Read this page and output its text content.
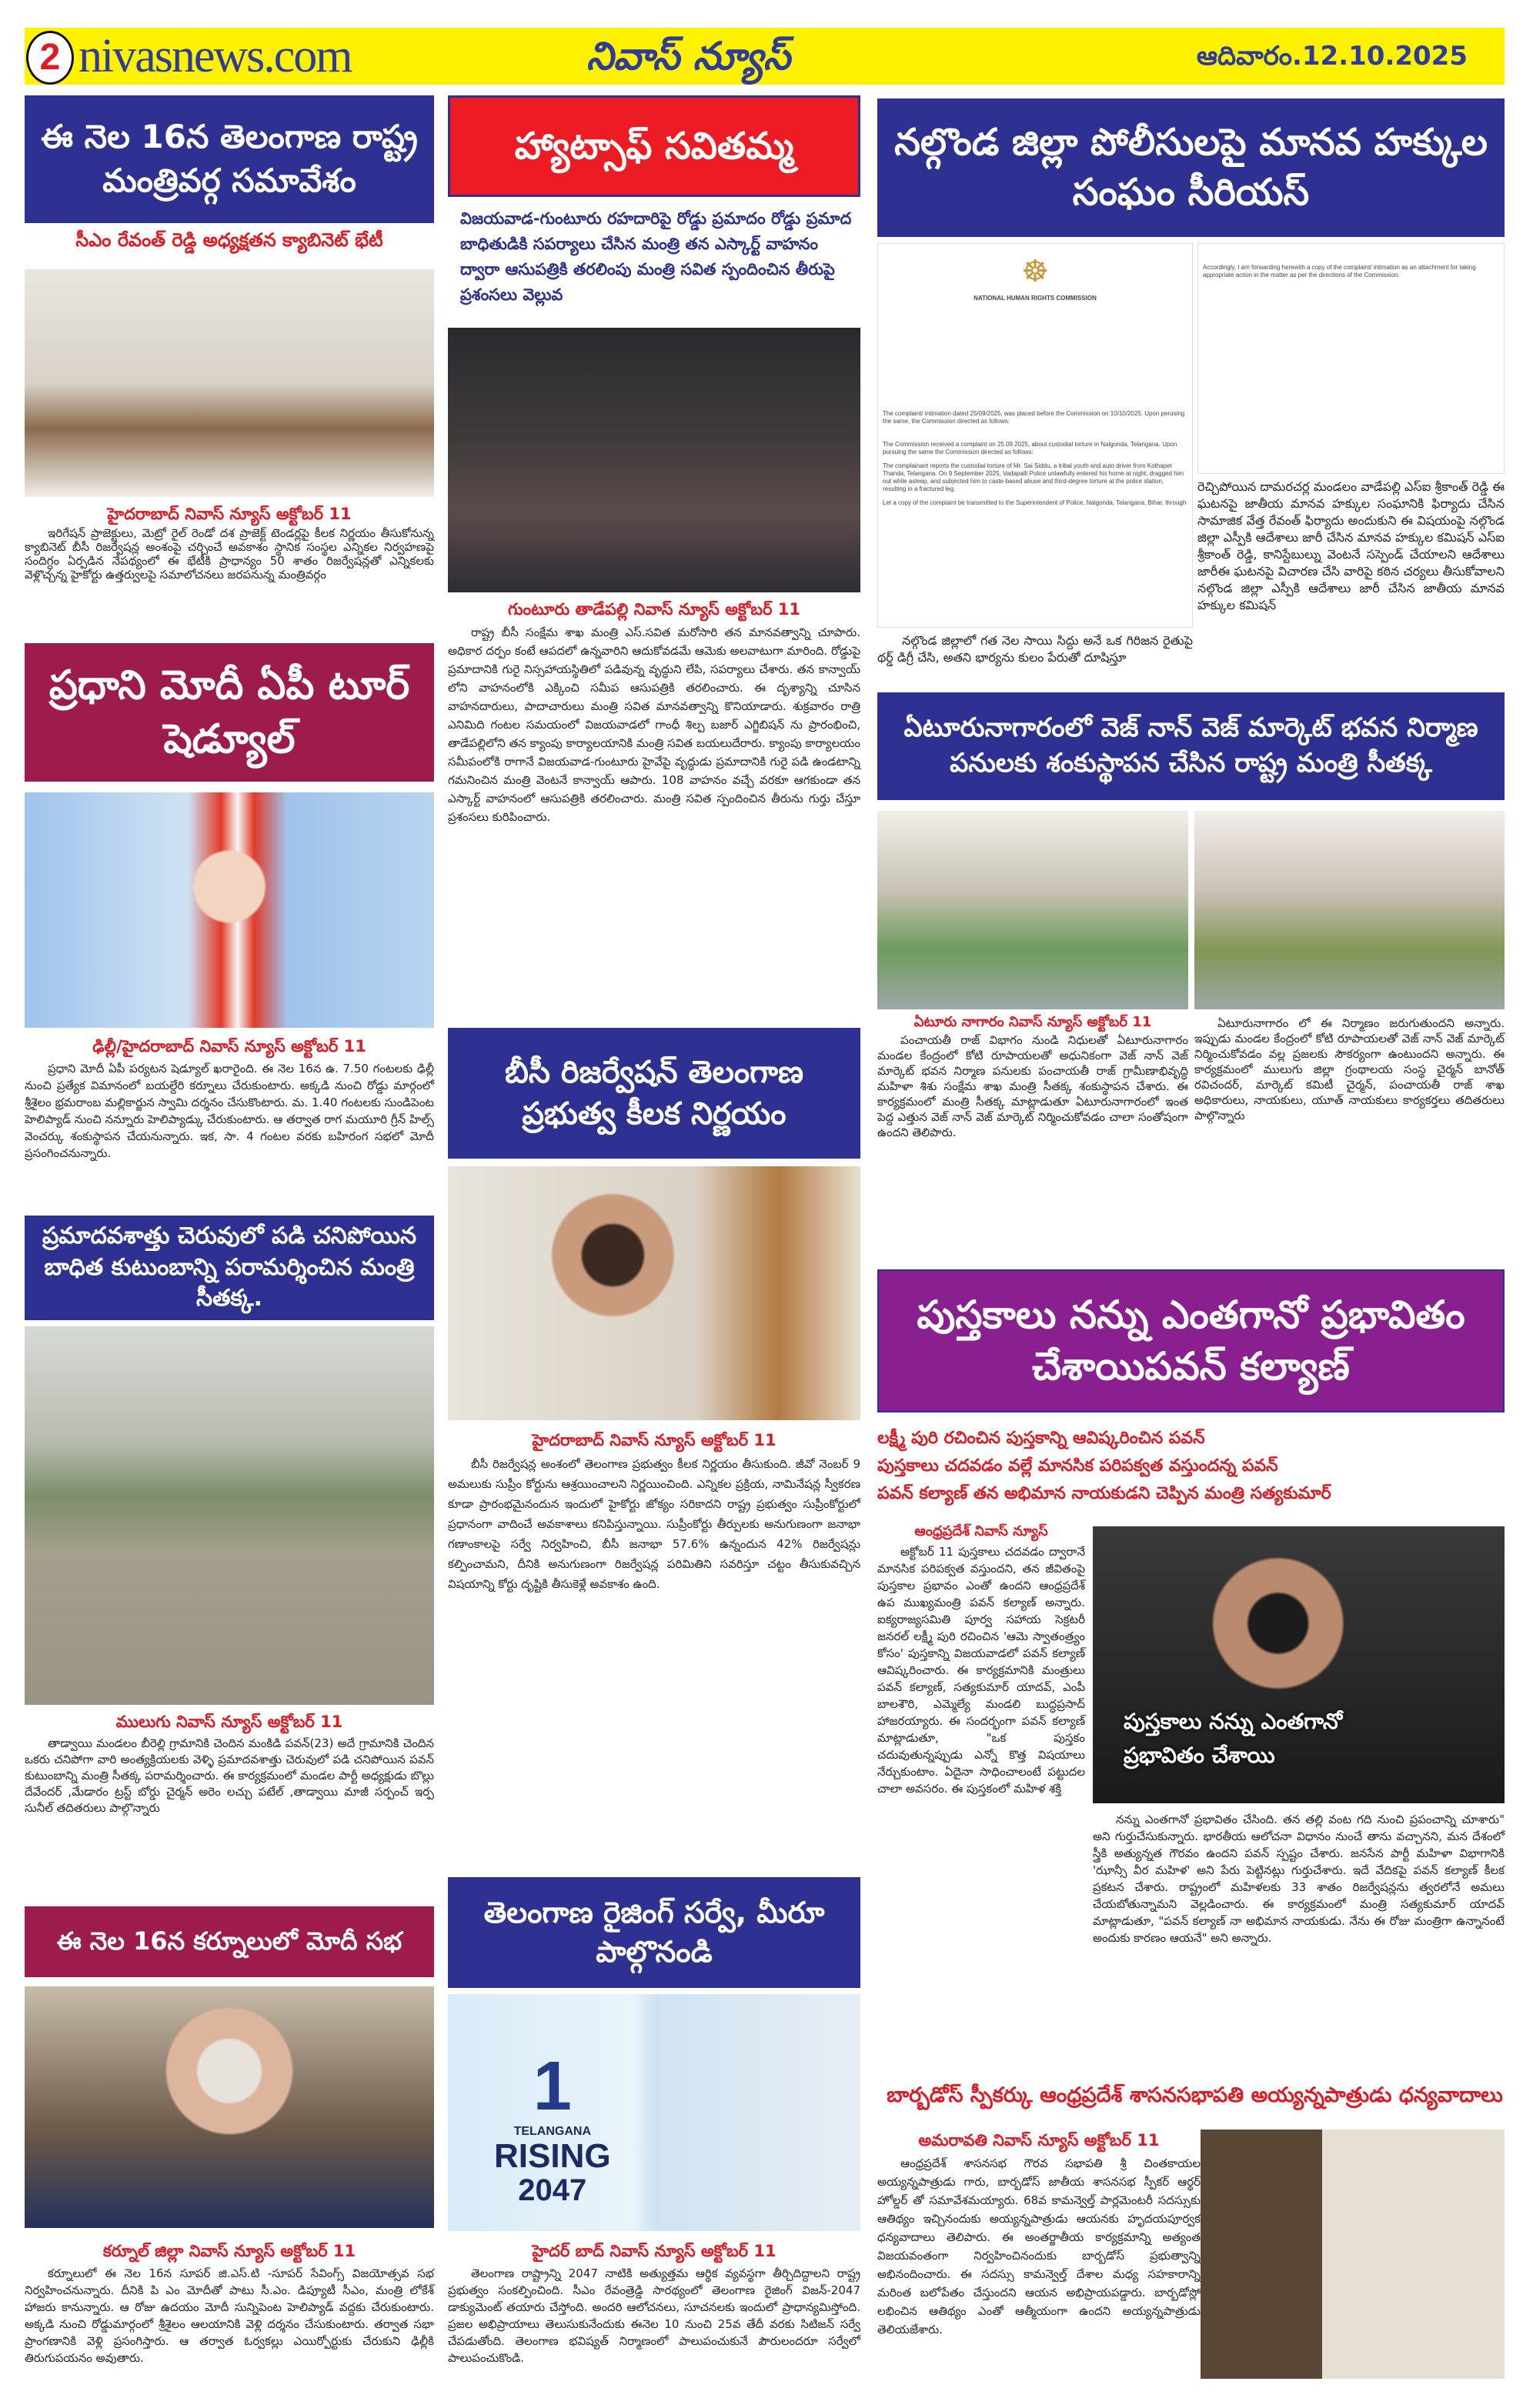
2 nivasnews.com	నివాస్ న్యూస్	ఆదివారం.12.10.2025
ఈ నెల 16న తెలంగాణ రాష్ట్ర మంత్రివర్గ సమావేశం
సీఎం రేవంత్ రెడ్డి అధ్యక్షతన క్యాబినెట్ భేటీ
హైదరాబాద్ నివాస్ న్యూస్ అక్టోబర్ 11
ఇరిగేషన్ ప్రాజెక్టులు, మెట్రో రైల్ రెండో దశ ప్రాజెక్ట్ టెండర్లపై కీలక నిర్ణయం తీసుకోనున్న క్యాబినెట్ బీసీ రిజర్వేషన్ల అంశంపై చర్చించే అవకాశం స్థానిక సంస్థల ఎన్నికల నిర్వహణపై సందిగ్ధం ఏర్పడిన నేపథ్యంలో ఈ భేటీకి ప్రాధాన్యం 50 శాతం రిజర్వేషన్లతో ఎన్నికలకు వెళ్లొచ్చన్న హైకోర్టు ఉత్తర్వులపై సమాలోచనలు జరపనున్న మంత్రివర్గం
ప్రధాని మోదీ ఏపీ టూర్ షెడ్యూల్
ఢిల్లీ/హైదరాబాద్ నివాస్ న్యూస్ అక్టోబర్ 11
ప్రధాని మోదీ ఏపీ పర్యటన షెడ్యూల్ ఖరారైంది. ఈ నెల 16న ఉ. 7.50 గంటలకు ఢిల్లీ నుంచి ప్రత్యేక విమానంలో బయల్దేరి కర్నూలు చేరుకుంటారు. అక్కడి నుంచి రోడ్డు మార్గంలో శ్రీశైలం భ్రమరాంబ మల్లికార్జున స్వామి దర్శనం చేసుకొంటారు. మ. 1.40 గంటలకు సుండిపెంట హెలిప్యాడ్ నుంచి నన్నూరు హెలిప్యాడ్కు చేరుకుంటారు. ఆ తర్వాత రాగ మయూరి గ్రీన్ హిల్స్ వెంచర్కు శంకుస్థాపన చేయనున్నారు. ఇక, సా. 4 గంటల వరకు బహిరంగ సభలో మోదీ ప్రసంగించనున్నారు.
ప్రమాదవశాత్తు చెరువులో పడి చనిపోయిన బాధిత కుటుంబాన్ని పరామర్శించిన మంత్రి సీతక్క.
ములుగు నివాస్ న్యూస్ అక్టోబర్ 11
తాడ్వాయి మండలం బీరెల్లి గ్రామానికి చెందిన మంకిడి పవన్(23) అదే గ్రామానికి చెందిన ఒకరు చనిపోగా వారి అంత్యక్రియలకు వెళ్ళి ప్రమాదవశాత్తు చెరువులో పడి చనిపోయిన పవన్ కుటుంబాన్ని మంత్రి సీతక్క పరామర్శించారు. ఈ కార్యక్రమంలో మండల పార్టీ అధ్యక్షుడు బొల్లు దేవేందర్ ,మేడారం ట్రస్ట్ బోర్డు చైర్మన్ అరెం లచ్చు పటేల్ ,తాడ్వాయి మాజీ సర్పంచ్ ఇర్ప సునీల్ తదితరులు పాల్గొన్నారు
ఈ నెల 16న కర్నూలులో మోదీ సభ
కర్నూల్ జిల్లా నివాస్ న్యూస్ అక్టోబర్ 11
కర్నూలులో ఈ నెల 16న సూపర్ జి.ఎస్.టి -సూపర్ సేవింగ్స్ విజయోత్సవ సభ నిర్వహించనున్నారు. దీనికి పి ఎం మోదీతో పాటు సీ.ఎం. డిప్యూటీ సీఎం, మంత్రి లోకేశ్ హాజరు కానున్నారు. ఆ రోజు ఉదయం మోదీ సున్నిపెంట హెలిప్యాడ్ వద్దకు చేరుకుంటారు. అక్కడి నుంచి రోడ్డుమార్గంలో శ్రీశైలం ఆలయానికి వెళ్లి దర్శనం చేసుకుంటారు. తర్వాత సభా ప్రాంగణానికి వెళ్లి ప్రసంగిస్తారు. ఆ తర్వాత ఓర్వకల్లు ఎయిర్పోర్టుకు చేరుకుని ఢిల్లీకి తిరుగుపయనం అవుతారు.
హ్యాట్సాఫ్ సవితమ్మ
విజయవాడ-గుంటూరు రహదారిపై రోడ్డు ప్రమాదం రోడ్డు ప్రమాద బాధితుడికి సపర్యాలు చేసిన మంత్రి తన ఎస్కార్ట్ వాహనం ద్వారా ఆసుపత్రికి తరలింపు మంత్రి సవిత స్పందించిన తీరుపై ప్రశంసలు వెల్లువ
గుంటూరు తాడేపల్లి నివాస్ న్యూస్ అక్టోబర్ 11
రాష్ట్ర బీసీ సంక్షేమ శాఖ మంత్రి ఎస్.సవిత మరోసారి తన మానవత్వాన్ని చూపారు. అధికార దర్పం కంటే ఆపదలో ఉన్నవారిని ఆదుకోవడమే ఆమెకు అలవాటుగా మారింది. రోడ్డుపై ప్రమాదానికి గురై నిస్సహాయస్థితిలో పడివున్న వృద్ధుని లేపి, సపర్యాలు చేశారు. తన కాన్వాయ్ లోని వాహనంలోకి ఎక్కించి సమీప ఆసుపత్రికి తరలించారు. ఈ దృశ్యాన్ని చూసిన వాహనదారులు, పాదాచారులు మంత్రి సవిత మానవత్వాన్ని కొనియాడారు. శుక్రవారం రాత్రి ఎనిమిది గంటల సమయంలో విజయవాడలో గాంధీ శిల్ప బజార్ ఎగ్జిబిషన్ ను ప్రారంభించి, తాడేపల్లిలోని తన క్యాంపు కార్యాలయానికి మంత్రి సవిత బయలుదేరారు. క్యాంపు కార్యాలయం సమీపంలోకి రాగానే విజయవాడ-గుంటూరు హైవేపై వృద్ధుడు ప్రమాదానికి గురై పడి ఉండటాన్ని గమనించిన మంత్రి వెంటనే కాన్వాయ్ ఆపారు. 108 వాహనం వచ్చే వరకూ ఆగకుండా తన ఎస్కార్ట్ వాహనంలో ఆసుపత్రికి తరలించారు. మంత్రి సవిత స్పందించిన తీరును గుర్తు చేస్తూ ప్రశంసలు కురిపించారు.
బీసీ రిజర్వేషన్ తెలంగాణ ప్రభుత్వ కీలక నిర్ణయం
హైదరాబాద్ నివాస్ న్యూస్ అక్టోబర్ 11
బీసీ రిజర్వేషన్ల అంశంలో తెలంగాణ ప్రభుత్వం కీలక నిర్ణయం తీసుకుంది. జీవో నెంబర్ 9 అమలుకు సుప్రీం కోర్టును ఆశ్రయించాలని నిర్ణయించింది. ఎన్నికల ప్రక్రియ, నామినేషన్ల స్వీకరణ కూడా ప్రారంభమైనందున ఇందులో హైకోర్టు జోక్యం సరికాదని రాష్ట్ర ప్రభుత్వం సుప్రీంకోర్టులో ప్రధానంగా వాదించే అవకాశాలు కనిపిస్తున్నాయి. సుప్రీంకోర్టు తీర్పులకు అనుగుణంగా జనాభా గణాంకాలపై సర్వే నిర్వహించి, బీసీ జనాభా 57.6% ఉన్నందున 42% రిజర్వేషన్లు కల్పించామని, దీనికి అనుగుణంగా రిజర్వేషన్ల పరిమితిని సవరిస్తూ చట్టం తీసుకువచ్చిన విషయాన్ని కోర్టు దృష్టికి తీసుకెళ్లే అవకాశం ఉంది.
తెలంగాణ రైజింగ్ సర్వే, మీరూ పాల్గొనండి
1
TELANGANA
RISING
2047
హైదర్ బాద్ నివాస్ న్యూస్ అక్టోబర్ 11
తెలంగాణ రాష్ట్రాన్ని 2047 నాటికి అత్యుత్తమ ఆర్థిక వ్యవస్థగా తీర్చిదిద్దాలని రాష్ట్ర ప్రభుత్వం సంకల్పించింది. సీఎం రేవంత్రెడ్డి సారథ్యంలో తెలంగాణ రైజింగ్ విజన్-2047 డాక్యుమెంట్ తయారు చేస్తోంది. అందరి ఆలోచనలు, సూచనలకు ఇందులో ప్రాధాన్యమిస్తోంది. ప్రజల అభిప్రాయాలు తెలుసుకునేందుకు ఈనెల 10 నుంచి 25వ తేదీ వరకు సిటిజన్ సర్వే చేపడుతోంది. తెలంగాణ భవిష్యత్ నిర్మాణంలో పాలుపంచుకునే పౌరులందరూ సర్వేలో పాలుపంచుకొండి.
నల్గొండ జిల్లా పోలీసులపై మానవ హక్కుల సంఘం సీరియస్
☸
NATIONAL HUMAN RIGHTS COMMISSION
The complaint/ intimation dated 25/09/2025, was placed before the Commission on 10/10/2025. Upon perusing the same, the Commission directed as follows:
The Commission received a complaint on 25.09.2025, about custodial torture in Nalgonda, Telangana. Upon pursuing the same the Commission directed as follows:
The complainant reports the custodial torture of Mr. Sai Siddu, a tribal youth and auto driver from Kothapet Thanda, Telangana. On 9 September 2025, Vadapalli Police unlawfully entered his home at night, dragged him out while asleep, and subjected him to caste-based abuse and third-degree torture at the police station, resulting in a fractured leg.
Let a copy of the complaint be transmitted to the Superintendent of Police, Nalgonda, Telangana, Bihar, through
Accordingly, I am forwarding herewith a copy of the complaint/ intimation as an attachment for taking appropriate action in the matter as per the directions of the Commission.
నల్గొండ జిల్లాలో గత నెల సాయి సిద్దు అనే ఒక గిరిజన రైతుపై థర్డ్ డిగ్రీ చేసి, అతని భార్యను కులం పేరుతో దూషిస్తూ
రెచ్చిపోయిన దామరచర్ల మండలం వాడేపల్లి ఎస్ఐ శ్రీకాంత్ రెడ్డి ఈ ఘటనపై జాతీయ మానవ హక్కుల సంఘానికి ఫిర్యాదు చేసిన సామాజిక వేత్త రేవంత్ ఫిర్యాదు అందుకుని ఈ విషయంపై నల్గొండ జిల్లా ఎస్పీకి ఆదేశాలు జారీ చేసిన మానవ హక్కుల కమిషన్ ఎస్ఐ శ్రీకాంత్ రెడ్డి, కానిస్టేబుల్ను వెంటనే సస్పెండ్ చేయాలని ఆదేశాలు జారీఈ ఘటనపై విచారణ చేసి వారిపై కఠిన చర్యలు తీసుకోవాలని నల్గొండ జిల్లా ఎస్పీకి ఆదేశాలు జారీ చేసిన జాతీయ మానవ హక్కుల కమిషన్
ఏటూరునాగారంలో వెజ్ నాన్ వెజ్ మార్కెట్ భవన నిర్మాణ పనులకు శంకుస్థాపన చేసిన రాష్ట్ర మంత్రి సీతక్క
ఏటూరు నాగారం నివాస్ న్యూస్ అక్టోబర్ 11
పంచాయతీ రాజ్ విభాగం నుండి నిధులతో ఏటూరునాగారం మండల కేంద్రంలో కోటి రూపాయలతో అధునికంగా వెజ్ నాన్ వెజ్ మార్కెట్ భవన నిర్మాణ పనులకు పంచాయతీ రాజ్ గ్రామీణాభివృద్ధి మహిళా శిశు సంక్షేమ శాఖ మంత్రి సీతక్క శంకుస్థాపన చేశారు. ఈ కార్యక్రమంలో మంత్రి సీతక్క మాట్లాడుతూ ఏటూరునాగారంలో ఇంత పెద్ద ఎత్తున వెజ్ నాన్ వెజ్ మార్కెట్ నిర్మించుకోవడం చాలా సంతోషంగా ఉందని తెలిపారు.
ఏటూరునాగారం లో ఈ నిర్మాణం జరుగుతుందని అన్నారు. ఇప్పుడు మండల కేంద్రంలో కోటి రూపాయలతో వెజ్ నాన్ వెజ్ మార్కెట్ నిర్మించుకోవడం వల్ల ప్రజలకు సౌకర్యంగా ఉంటుందని అన్నారు. ఈ కార్యక్రమంలో ములుగు జిల్లా గ్రంథాలయ సంస్థ చైర్మన్ బానోత్ రవిచందర్, మార్కెట్ కమిటీ చైర్మన్, పంచాయతీ రాజ్ శాఖ అధికారులు, నాయకులు, యూత్ నాయకులు కార్యకర్తలు తదితరులు పాల్గొన్నారు
పుస్తకాలు నన్ను ఎంతగానో ప్రభావితం చేశాయిపవన్ కల్యాణ్
లక్ష్మీ పురి రచించిన పుస్తకాన్ని ఆవిష్కరించిన పవన్
పుస్తకాలు చదవడం వల్లే మానసిక పరిపక్వత వస్తుందన్న పవన్
పవన్ కల్యాణ్ తన అభిమాన నాయకుడని చెప్పిన మంత్రి సత్యకుమార్
ఆంధ్రప్రదేశ్ నివాస్ న్యూస్
అక్టోబర్ 11 పుస్తకాలు చదవడం ద్వారానే మానసిక పరిపక్వత వస్తుందని, తన జీవితంపై పుస్తకాల ప్రభావం ఎంతో ఉందని ఆంధ్రప్రదేశ్ ఉప ముఖ్యమంత్రి పవన్ కల్యాణ్ అన్నారు. ఐక్యరాజ్యసమితి పూర్వ సహాయ సెక్రటరీ జనరల్ లక్ష్మీ పురి రచించిన 'ఆమె స్వాతంత్ర్యం కోసం' పుస్తకాన్ని విజయవాడలో పవన్ కల్యాణ్ ఆవిష్కరించారు. ఈ కార్యక్రమానికి మంత్రులు పవన్ కల్యాణ్, సత్యకుమార్ యాదవ్, ఎంపీ బాలశౌరి, ఎమ్మెల్యే మండలి బుద్ధప్రసాద్ హాజరయ్యారు. ఈ సందర్భంగా పవన్ కల్యాణ్ మాట్లాడుతూ, "ఒక పుస్తకం చదువుతున్నప్పుడు ఎన్నో కొత్త విషయాలు నేర్చుకుంటాం. ఏదైనా సాధించాలంటే పట్టుదల చాలా అవసరం. ఈ పుస్తకంలో మహిళ శక్తి
పుస్తకాలు నన్ను ఎంతగానో ప్రభావితం చేశాయి
నన్ను ఎంతగానో ప్రభావితం చేసింది. తన తల్లి వంట గది నుంచి ప్రపంచాన్ని చూశారు" అని గుర్తుచేసుకున్నారు. భారతీయ ఆలోచనా విధానం నుంచే తాను వచ్చానని, మన దేశంలో స్త్రీకి అత్యున్నత గౌరవం ఉందని పవన్ స్పష్టం చేశారు. జనసేన పార్టీ మహిళా విభాగానికి 'ఝాన్సీ వీర మహిళ' అని పేరు పెట్టినట్లు గుర్తుచేశారు. ఇదే వేదికపై పవన్ కల్యాణ్ కీలక ప్రకటన చేశారు. రాష్ట్రంలో మహిళలకు 33 శాతం రిజర్వేషన్లను త్వరలోనే అమలు చేయబోతున్నామని వెల్లడించారు. ఈ కార్యక్రమంలో మంత్రి సత్యకుమార్ యాదవ్ మాట్లాడుతూ, "పవన్ కల్యాణ్ నా అభిమాన నాయకుడు. నేను ఈ రోజు మంత్రిగా ఉన్నానంటే అందుకు కారణం ఆయనే" అని అన్నారు.
బార్బడోస్ స్పీకర్కు ఆంధ్రప్రదేశ్ శాసనసభాపతి అయ్యన్నపాత్రుడు ధన్యవాదాలు
అమరావతి నివాస్ న్యూస్ అక్టోబర్ 11
ఆంధ్రప్రదేశ్ శాసనసభ గౌరవ సభాపతి శ్రీ చింతకాయల అయ్యన్నపాత్రుడు గారు, బార్బడోస్ జాతీయ శాసనసభ స్పీకర్ ఆర్థర్ హోల్డర్ తో సమావేశమయ్యారు. 68వ కామన్వెల్త్ పార్లమెంటరీ సదస్సుకు ఆతిథ్యం ఇచ్చినందుకు అయ్యన్నపాత్రుడు ఆయనకు హృదయపూర్వక ధన్యవాదాలు తెలిపారు. ఈ అంతర్జాతీయ కార్యక్రమాన్ని అత్యంత విజయవంతంగా నిర్వహించినందుకు బార్బడోస్ ప్రభుత్వాన్ని అభినందించారు. ఈ సదస్సు కామన్వెల్త్ దేశాల మధ్య సహకారాన్ని మరింత బలోపేతం చేస్తుందని ఆయన అభిప్రాయపడ్డారు. బార్బడోస్లో లభించిన ఆతిథ్యం ఎంతో ఆత్మీయంగా ఉందని అయ్యన్నపాత్రుడు తెలియజేశారు.
